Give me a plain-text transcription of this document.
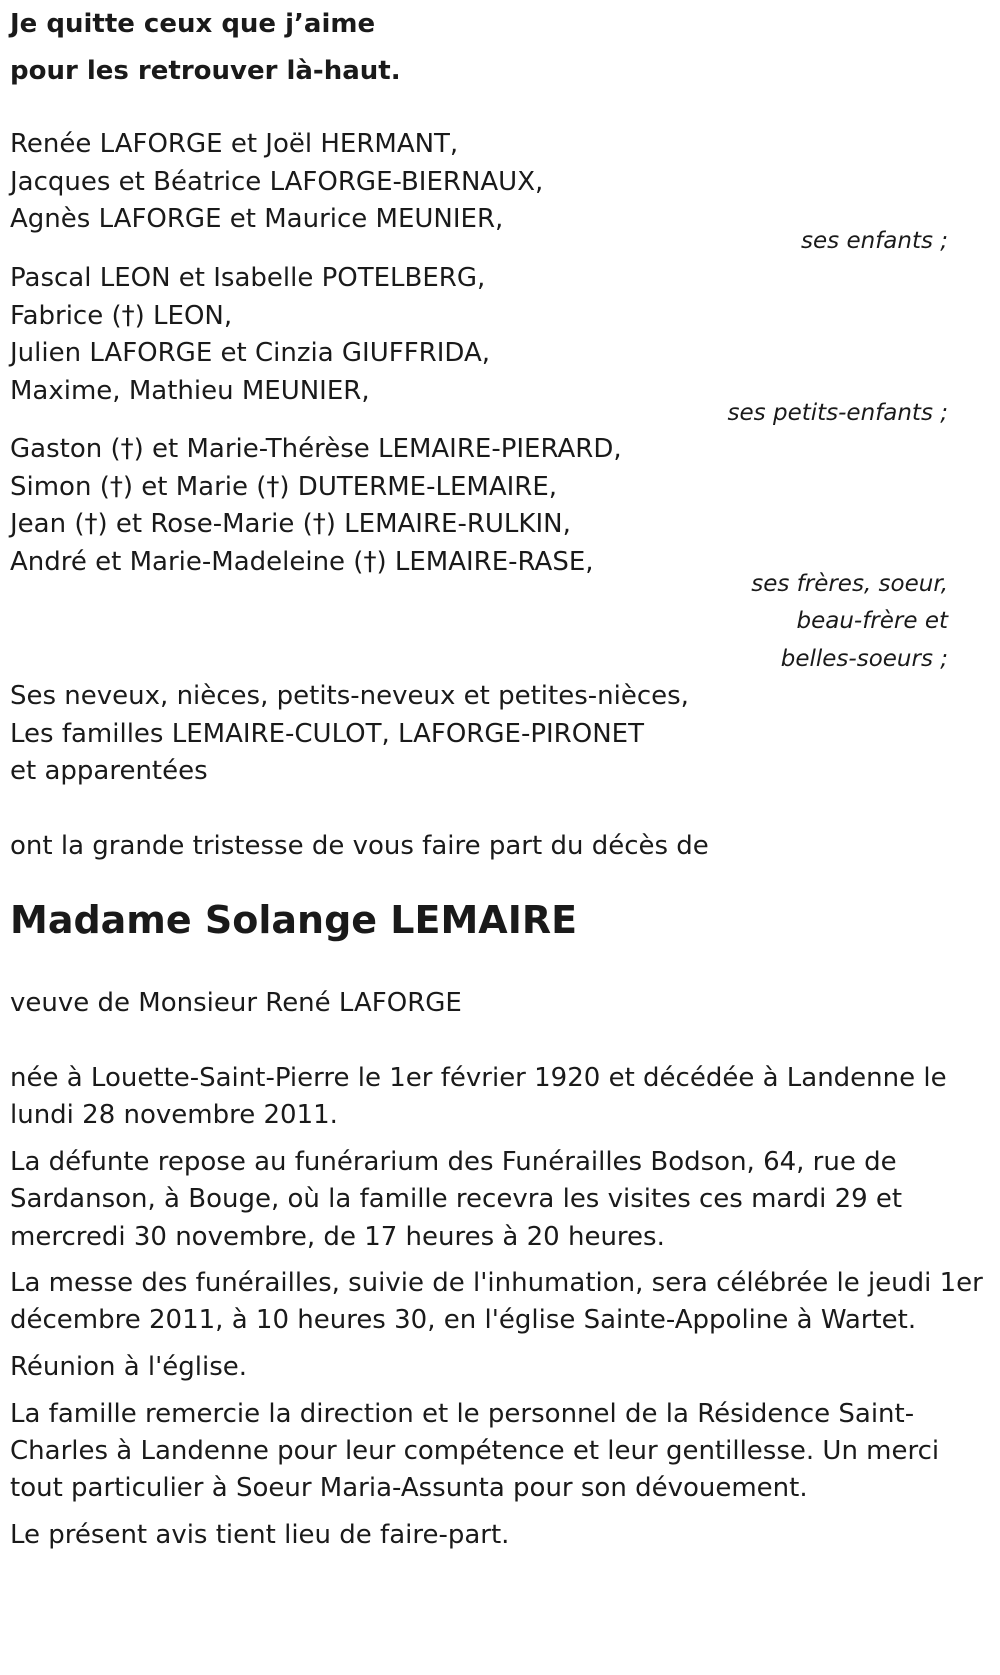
Je quitte ceux que j’aime
pour les retrouver là-haut.
Renée LAFORGE et Joël HERMANT,
Jacques et Béatrice LAFORGE-BIERNAUX,
Agnès LAFORGE et Maurice MEUNIER,
ses enfants ;
Pascal LEON et Isabelle POTELBERG,
Fabrice (†) LEON,
Julien LAFORGE et Cinzia GIUFFRIDA,
Maxime, Mathieu MEUNIER,
ses petits-enfants ;
Gaston (†) et Marie-Thérèse LEMAIRE-PIERARD,
Simon (†) et Marie (†) DUTERME-LEMAIRE,
Jean (†) et Rose-Marie (†) LEMAIRE-RULKIN,
André et Marie-Madeleine (†) LEMAIRE-RASE,
ses frères, soeur,
beau-frère et
belles-soeurs ;
Ses neveux, nièces, petits-neveux et petites-nièces,
Les familles LEMAIRE-CULOT, LAFORGE-PIRONET
et apparentées
ont la grande tristesse de vous faire part du décès de
Madame Solange LEMAIRE
veuve de Monsieur René LAFORGE
née à Louette-Saint-Pierre le 1er février 1920 et décédée à Landenne le
lundi 28 novembre 2011.
La défunte repose au funérarium des Funérailles Bodson, 64, rue de
Sardanson, à Bouge, où la famille recevra les visites ces mardi 29 et
mercredi 30 novembre, de 17 heures à 20 heures.
La messe des funérailles, suivie de l'inhumation, sera célébrée le jeudi 1er
décembre 2011, à 10 heures 30, en l'église Sainte-Appoline à Wartet.
Réunion à l'église.
La famille remercie la direction et le personnel de la Résidence Saint-
Charles à Landenne pour leur compétence et leur gentillesse. Un merci
tout particulier à Soeur Maria-Assunta pour son dévouement.
Le présent avis tient lieu de faire-part.
